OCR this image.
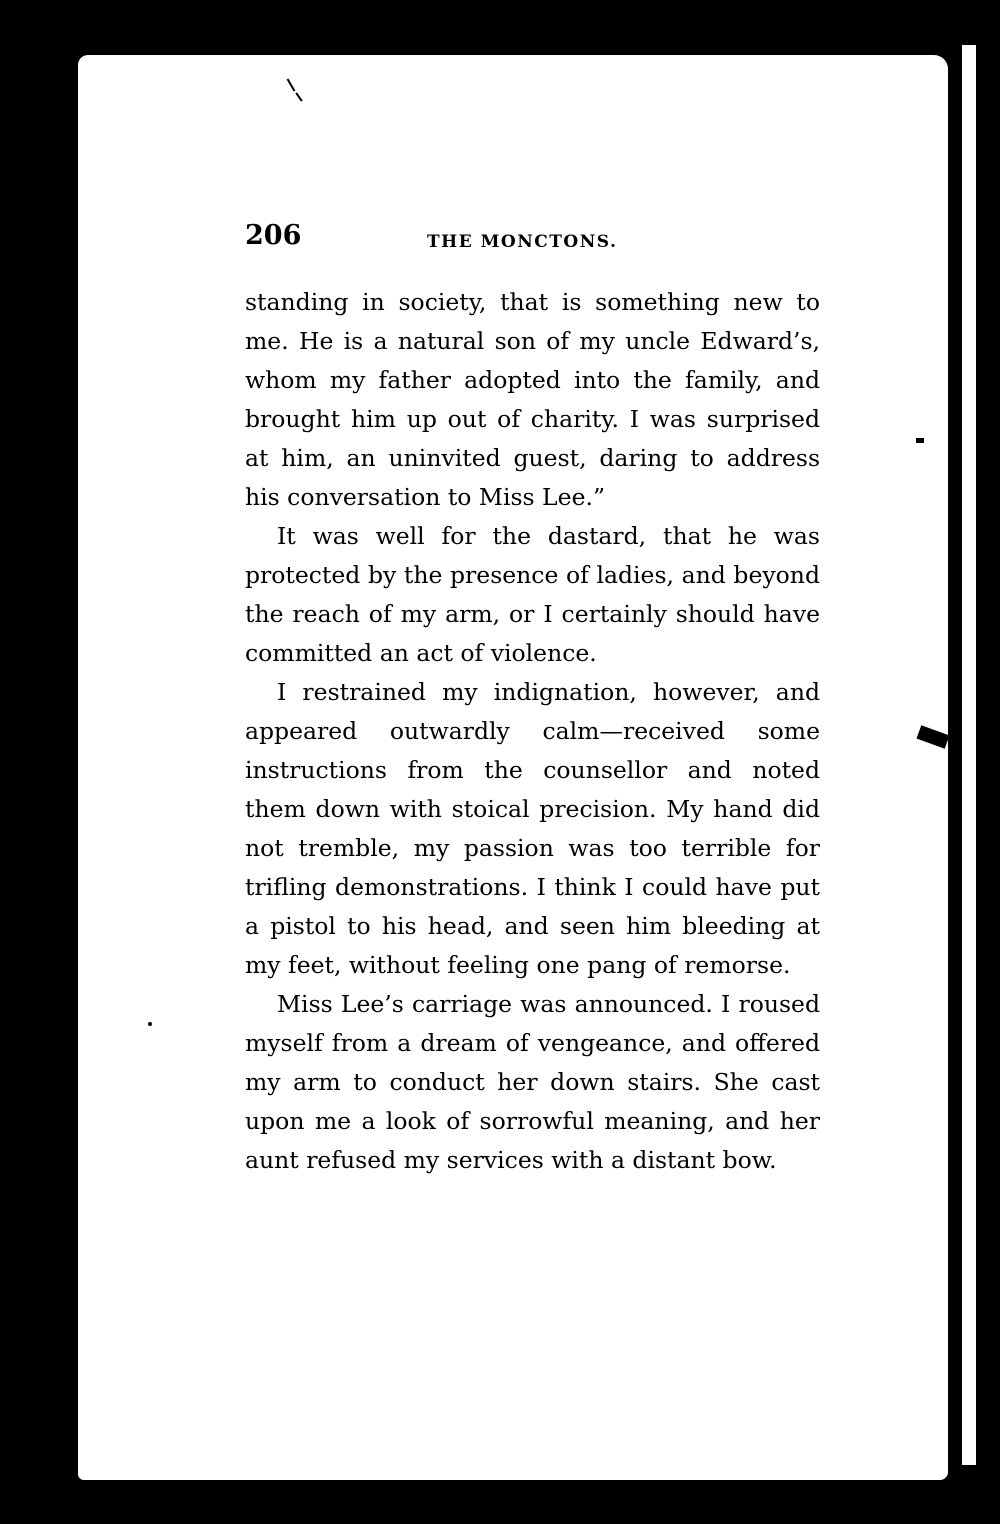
206	THE MONCTONS.

standing in society, that is something new to me. He is a natural son of my uncle Edward’s, whom my father adopted into the family, and brought him up out of charity. I was surprised at him, an uninvited guest, daring to address his conversation to Miss Lee.”

It was well for the dastard, that he was protected by the presence of ladies, and beyond the reach of my arm, or I certainly should have committed an act of violence.

I restrained my indignation, however, and appeared outwardly calm—received some instructions from the counsellor and noted them down with stoical precision. My hand did not tremble, my passion was too terrible for trifling demonstrations. I think I could have put a pistol to his head, and seen him bleeding at my feet, without feeling one pang of remorse.

Miss Lee’s carriage was announced. I roused myself from a dream of vengeance, and offered my arm to conduct her down stairs. She cast upon me a look of sorrowful meaning, and her aunt refused my services with a distant bow.
